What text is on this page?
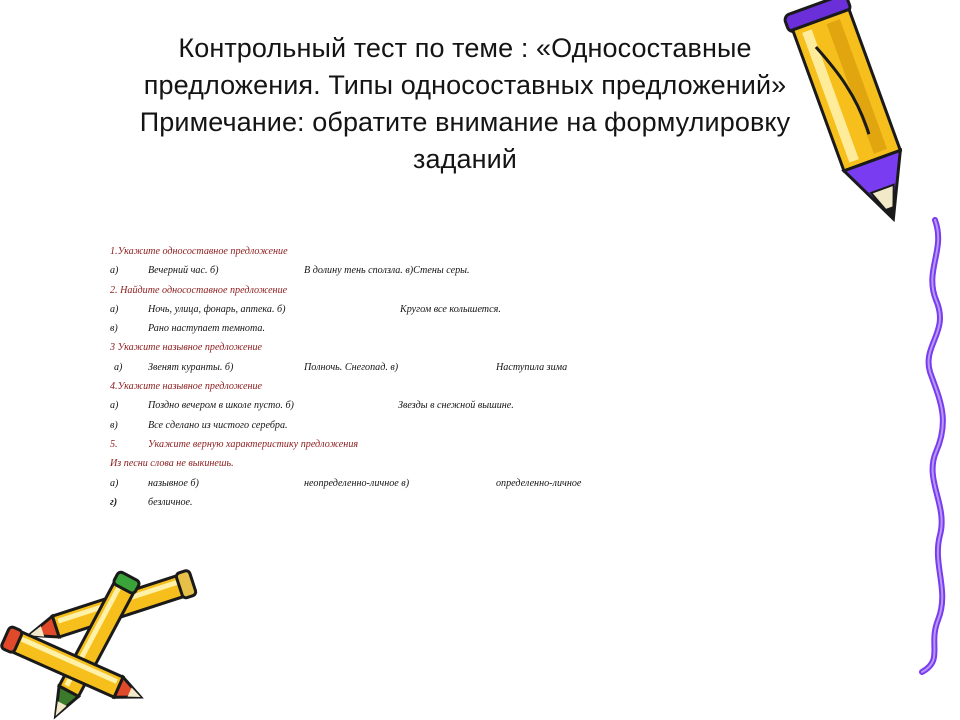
Контрольный тест по теме : «Односоставные
предложения. Типы односоставных предложений»
Примечание: обратите внимание на формулировку
заданий
1.Укажите односоставное предложение
а)	Вечерний час. б)	В долину тень сползла. в)Стены серы.
2. Найдите односоставное предложение
а)	Ночь, улица, фонарь, аптека. б)	Кругом все колышется.
в)	Рано наступает темнота.
3 Укажите назывное предложение
а) Звенят куранты. б)	Полночь. Снегопад. в)	Наступила зима
4.Укажите назывное предложение
а)	Поздно вечером в школе пусто. б)	Звезды в снежной вышине.
в)	Все сделано из чистого серебра.
5.	Укажите верную характеристику предложения
Из песни слова не выкинешь.
а)	назывное б)	неопределенно-личное в)	определенно-личное
г)	безличное.
